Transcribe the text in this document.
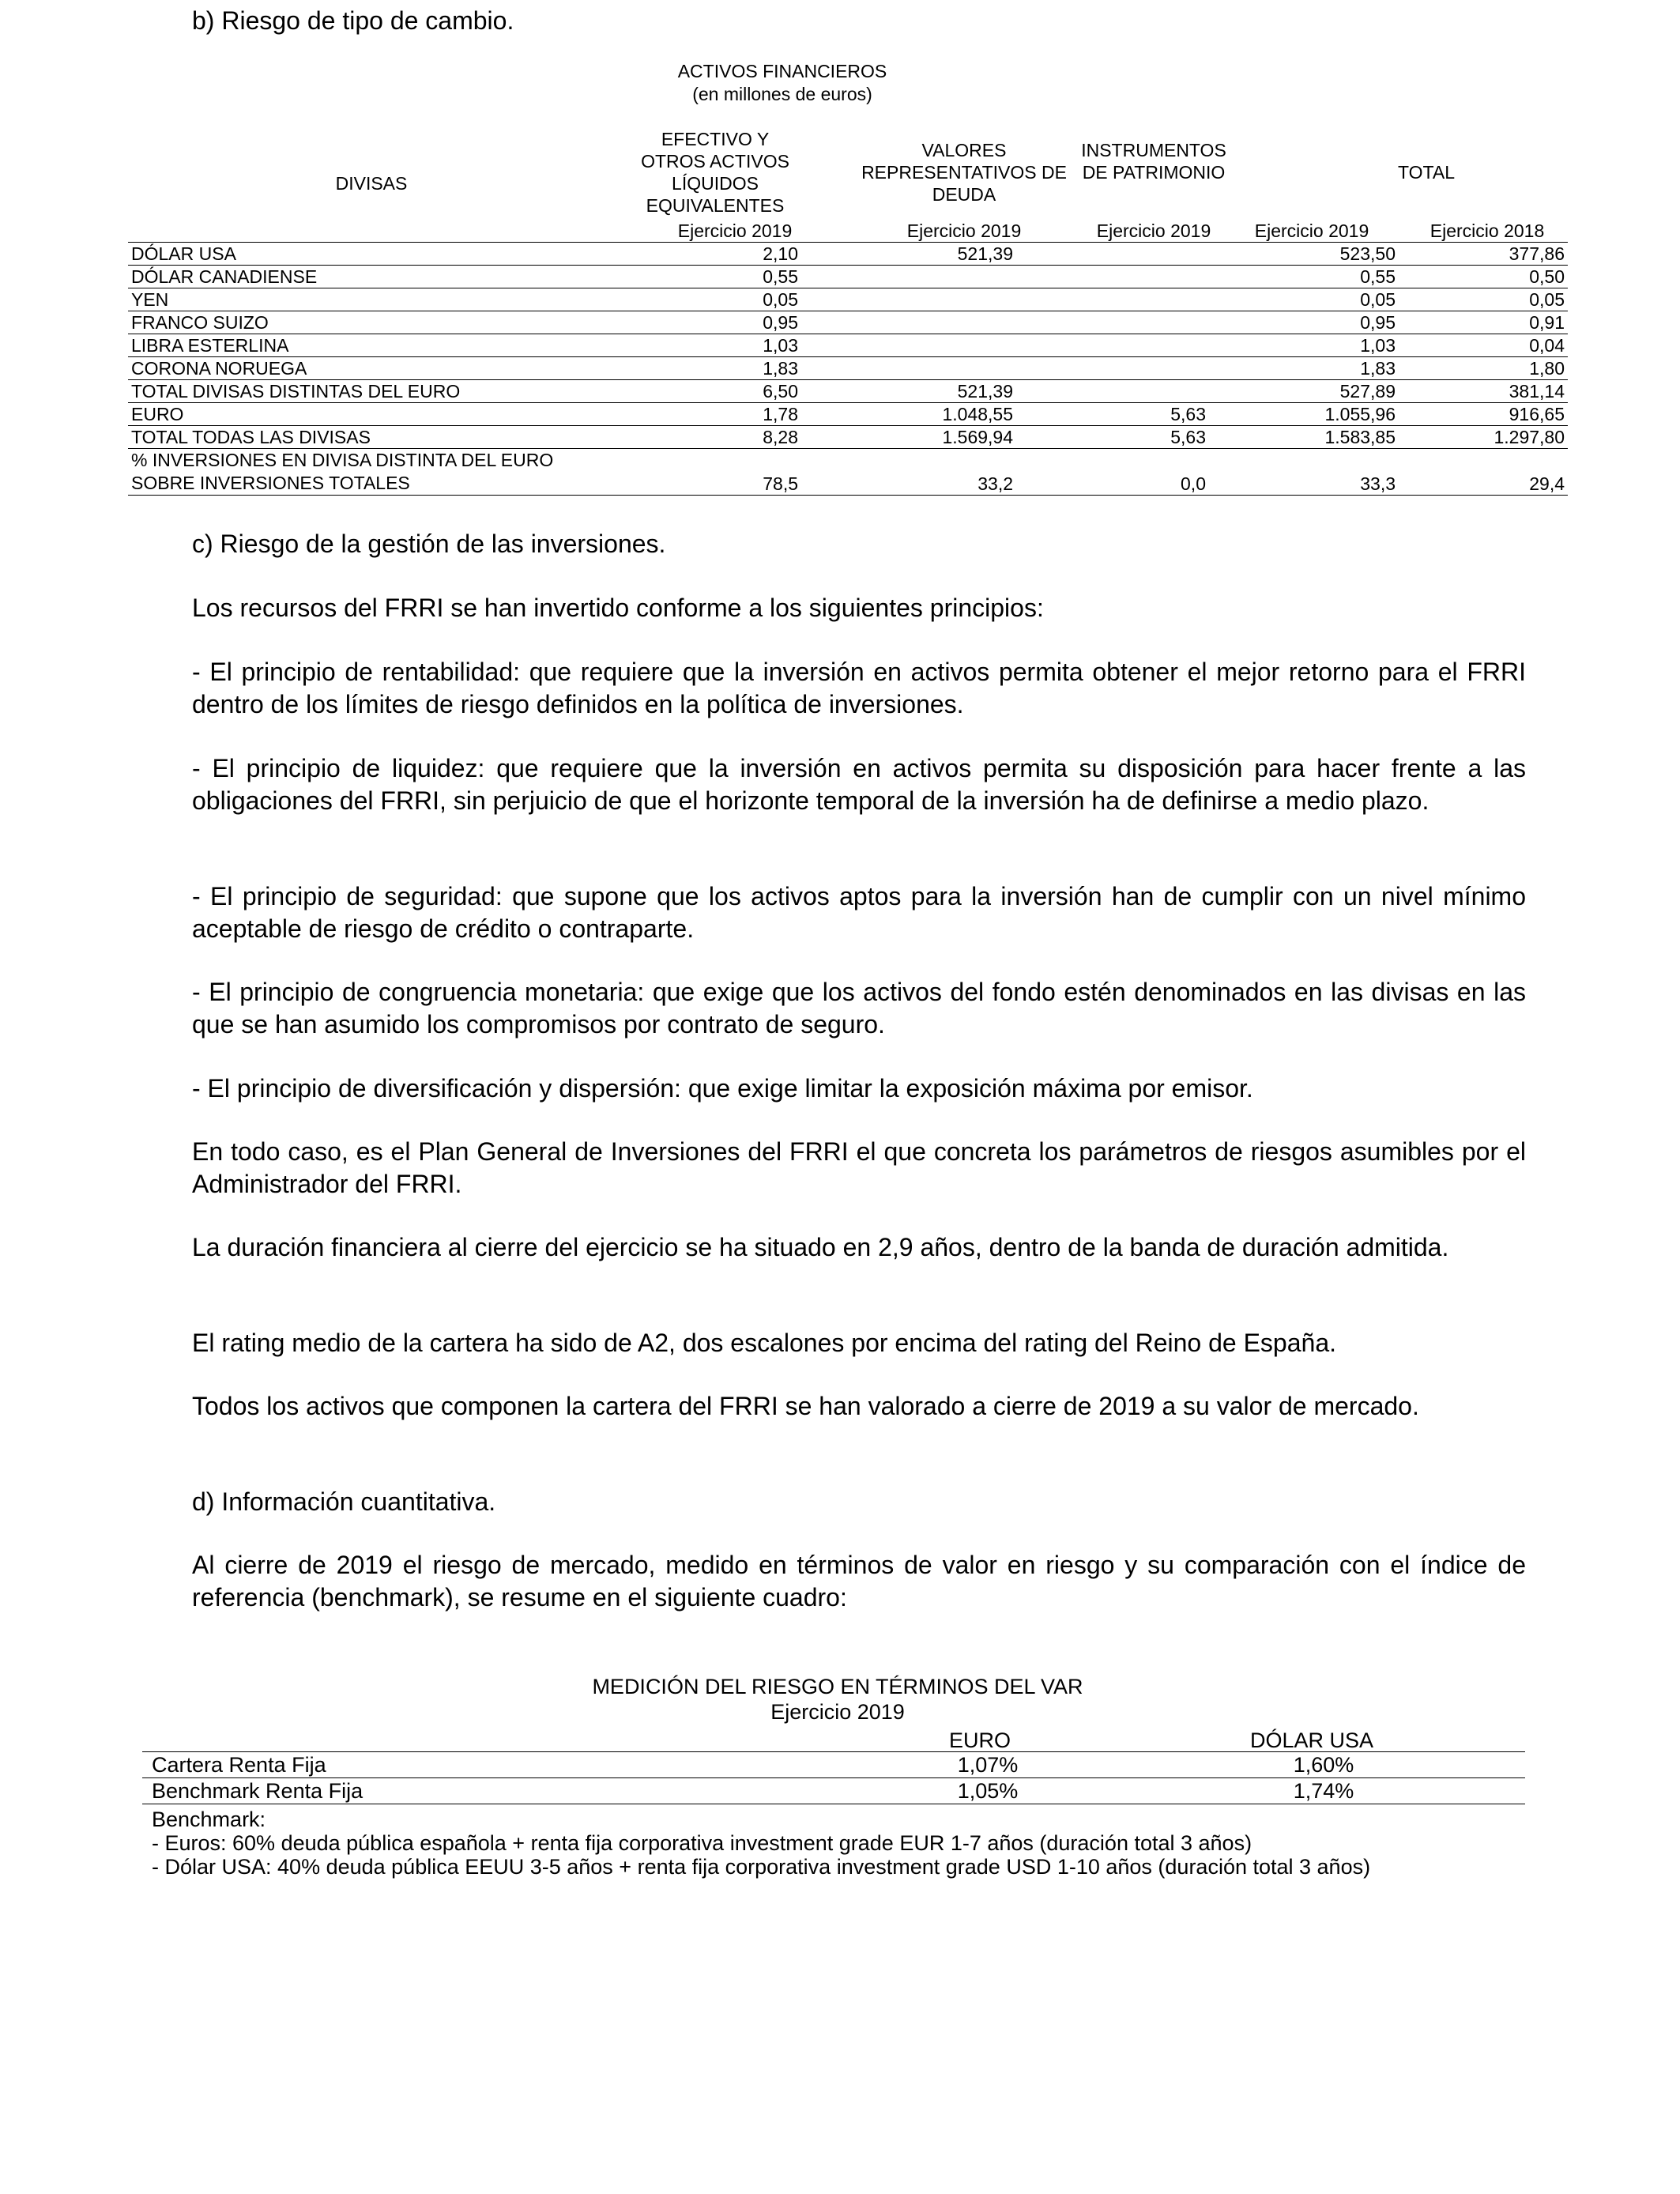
b) Riesgo de tipo de cambio.
ACTIVOS FINANCIEROS
(en millones de euros)
DIVISAS
EFECTIVO Y OTROS ACTIVOS LÍQUIDOS EQUIVALENTES
VALORES REPRESENTATIVOS DE DEUDA
INSTRUMENTOS DE PATRIMONIO	TOTAL
Ejercicio 2019	Ejercicio 2019	Ejercicio 2019	Ejercicio 2019	Ejercicio 2018
DÓLAR USA	2,10	521,39		523,50	377,86
DÓLAR CANADIENSE	0,55			0,55	0,50
YEN	0,05			0,05	0,05
FRANCO SUIZO	0,95			0,95	0,91
LIBRA ESTERLINA	1,03			1,03	0,04
CORONA NORUEGA	1,83			1,83	1,80
TOTAL DIVISAS DISTINTAS DEL EURO	6,50	521,39		527,89	381,14
EURO	1,78	1.048,55	5,63	1.055,96	916,65
TOTAL TODAS LAS DIVISAS	8,28	1.569,94	5,63	1.583,85	1.297,80
% INVERSIONES EN DIVISA DISTINTA DEL EURO SOBRE INVERSIONES TOTALES	78,5	33,2	0,0	33,3	29,4
c) Riesgo de la gestión de las inversiones.

Los recursos del FRRI se han invertido conforme a los siguientes principios:

- El principio de rentabilidad: que requiere que la inversión en activos permita obtener el mejor retorno para el FRRI dentro de los límites de riesgo definidos en la política de inversiones.

- El principio de liquidez: que requiere que la inversión en activos permita su disposición para hacer frente a las obligaciones del FRRI, sin perjuicio de que el horizonte temporal de la inversión ha de definirse a medio plazo.

- El principio de seguridad: que supone que los activos aptos para la inversión han de cumplir con un nivel mínimo aceptable de riesgo de crédito o contraparte.

- El principio de congruencia monetaria: que exige que los activos del fondo estén denominados en las divisas en las que se han asumido los compromisos por contrato de seguro.

- El principio de diversificación y dispersión: que exige limitar la exposición máxima por emisor.

En todo caso, es el Plan General de Inversiones del FRRI el que concreta los parámetros de riesgos asumibles por el Administrador del FRRI.

La duración financiera al cierre del ejercicio se ha situado en 2,9 años, dentro de la banda de duración admitida.

El rating medio de la cartera ha sido de A2, dos escalones por encima del rating del Reino de España.

Todos los activos que componen la cartera del FRRI se han valorado a cierre de 2019 a su valor de mercado.

d) Información cuantitativa.

Al cierre de 2019 el riesgo de mercado, medido en términos de valor en riesgo y su comparación con el índice de referencia (benchmark), se resume en el siguiente cuadro:

MEDICIÓN DEL RIESGO EN TÉRMINOS DEL VAR
Ejercicio 2019
EURO	DÓLAR USA
Cartera Renta Fija	1,07%	1,60%
Benchmark Renta Fija	1,05%	1,74%
Benchmark:
- Euros: 60% deuda pública española + renta fija corporativa investment grade EUR 1-7 años (duración total 3 años)
- Dólar USA: 40% deuda pública EEUU 3-5 años + renta fija corporativa investment grade USD 1-10 años (duración total 3 años)
